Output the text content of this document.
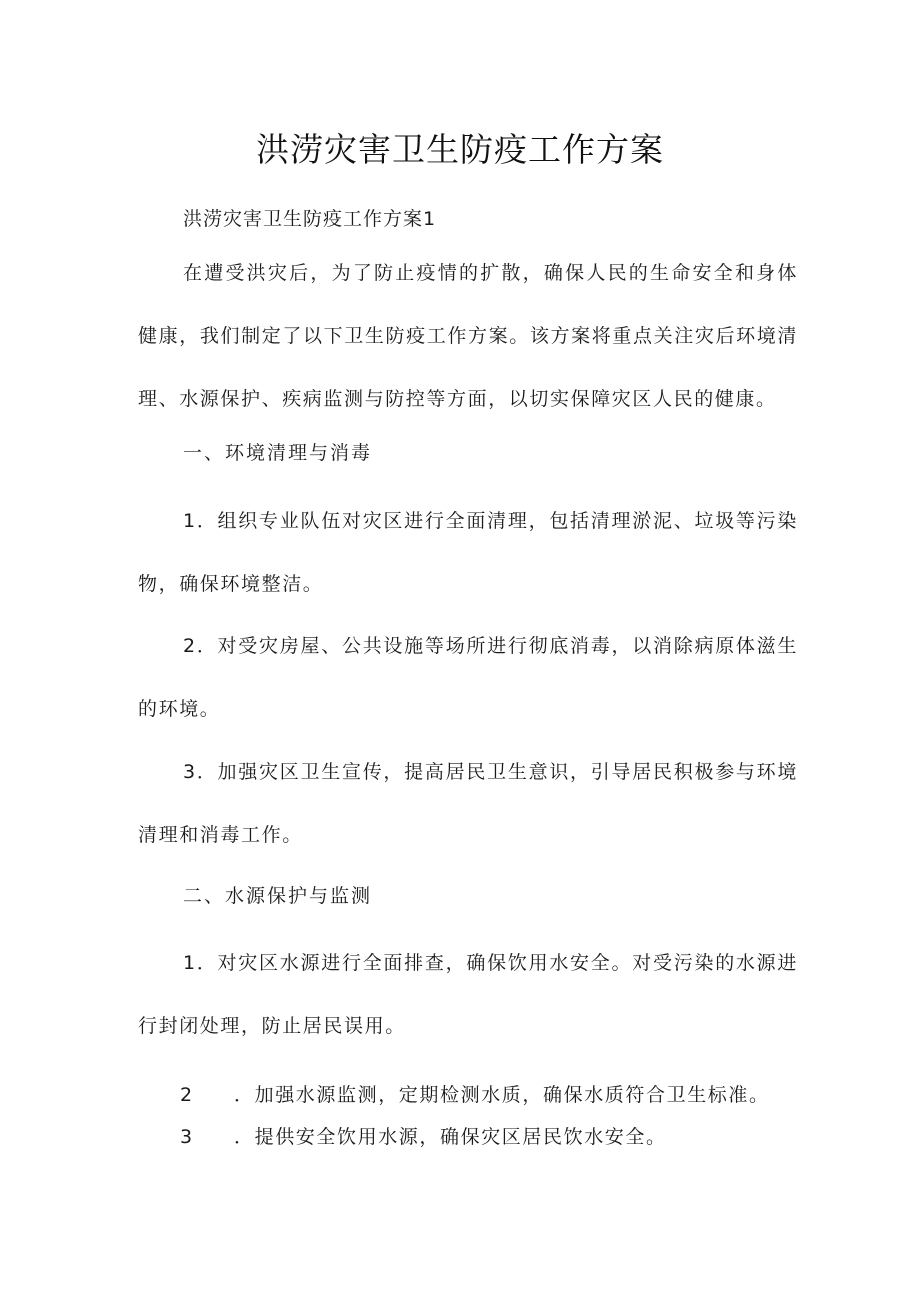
洪涝灾害卫生防疫工作方案
洪涝灾害卫生防疫工作方案1

在遭受洪灾后，为了防止疫情的扩散，确保人民的生命安全和身体健康，我们制定了以下卫生防疫工作方案。该方案将重点关注灾后环境清理、水源保护、疾病监测与防控等方面，以切实保障灾区人民的健康。

一、环境清理与消毒

1．组织专业队伍对灾区进行全面清理，包括清理淤泥、垃圾等污染物，确保环境整洁。

2．对受灾房屋、公共设施等场所进行彻底消毒，以消除病原体滋生的环境。

3．加强灾区卫生宣传，提高居民卫生意识，引导居民积极参与环境清理和消毒工作。

二、水源保护与监测

1．对灾区水源进行全面排查，确保饮用水安全。对受污染的水源进行封闭处理，防止居民误用。

2 ．加强水源监测，定期检测水质，确保水质符合卫生标准。
3 ．提供安全饮用水源，确保灾区居民饮水安全。
